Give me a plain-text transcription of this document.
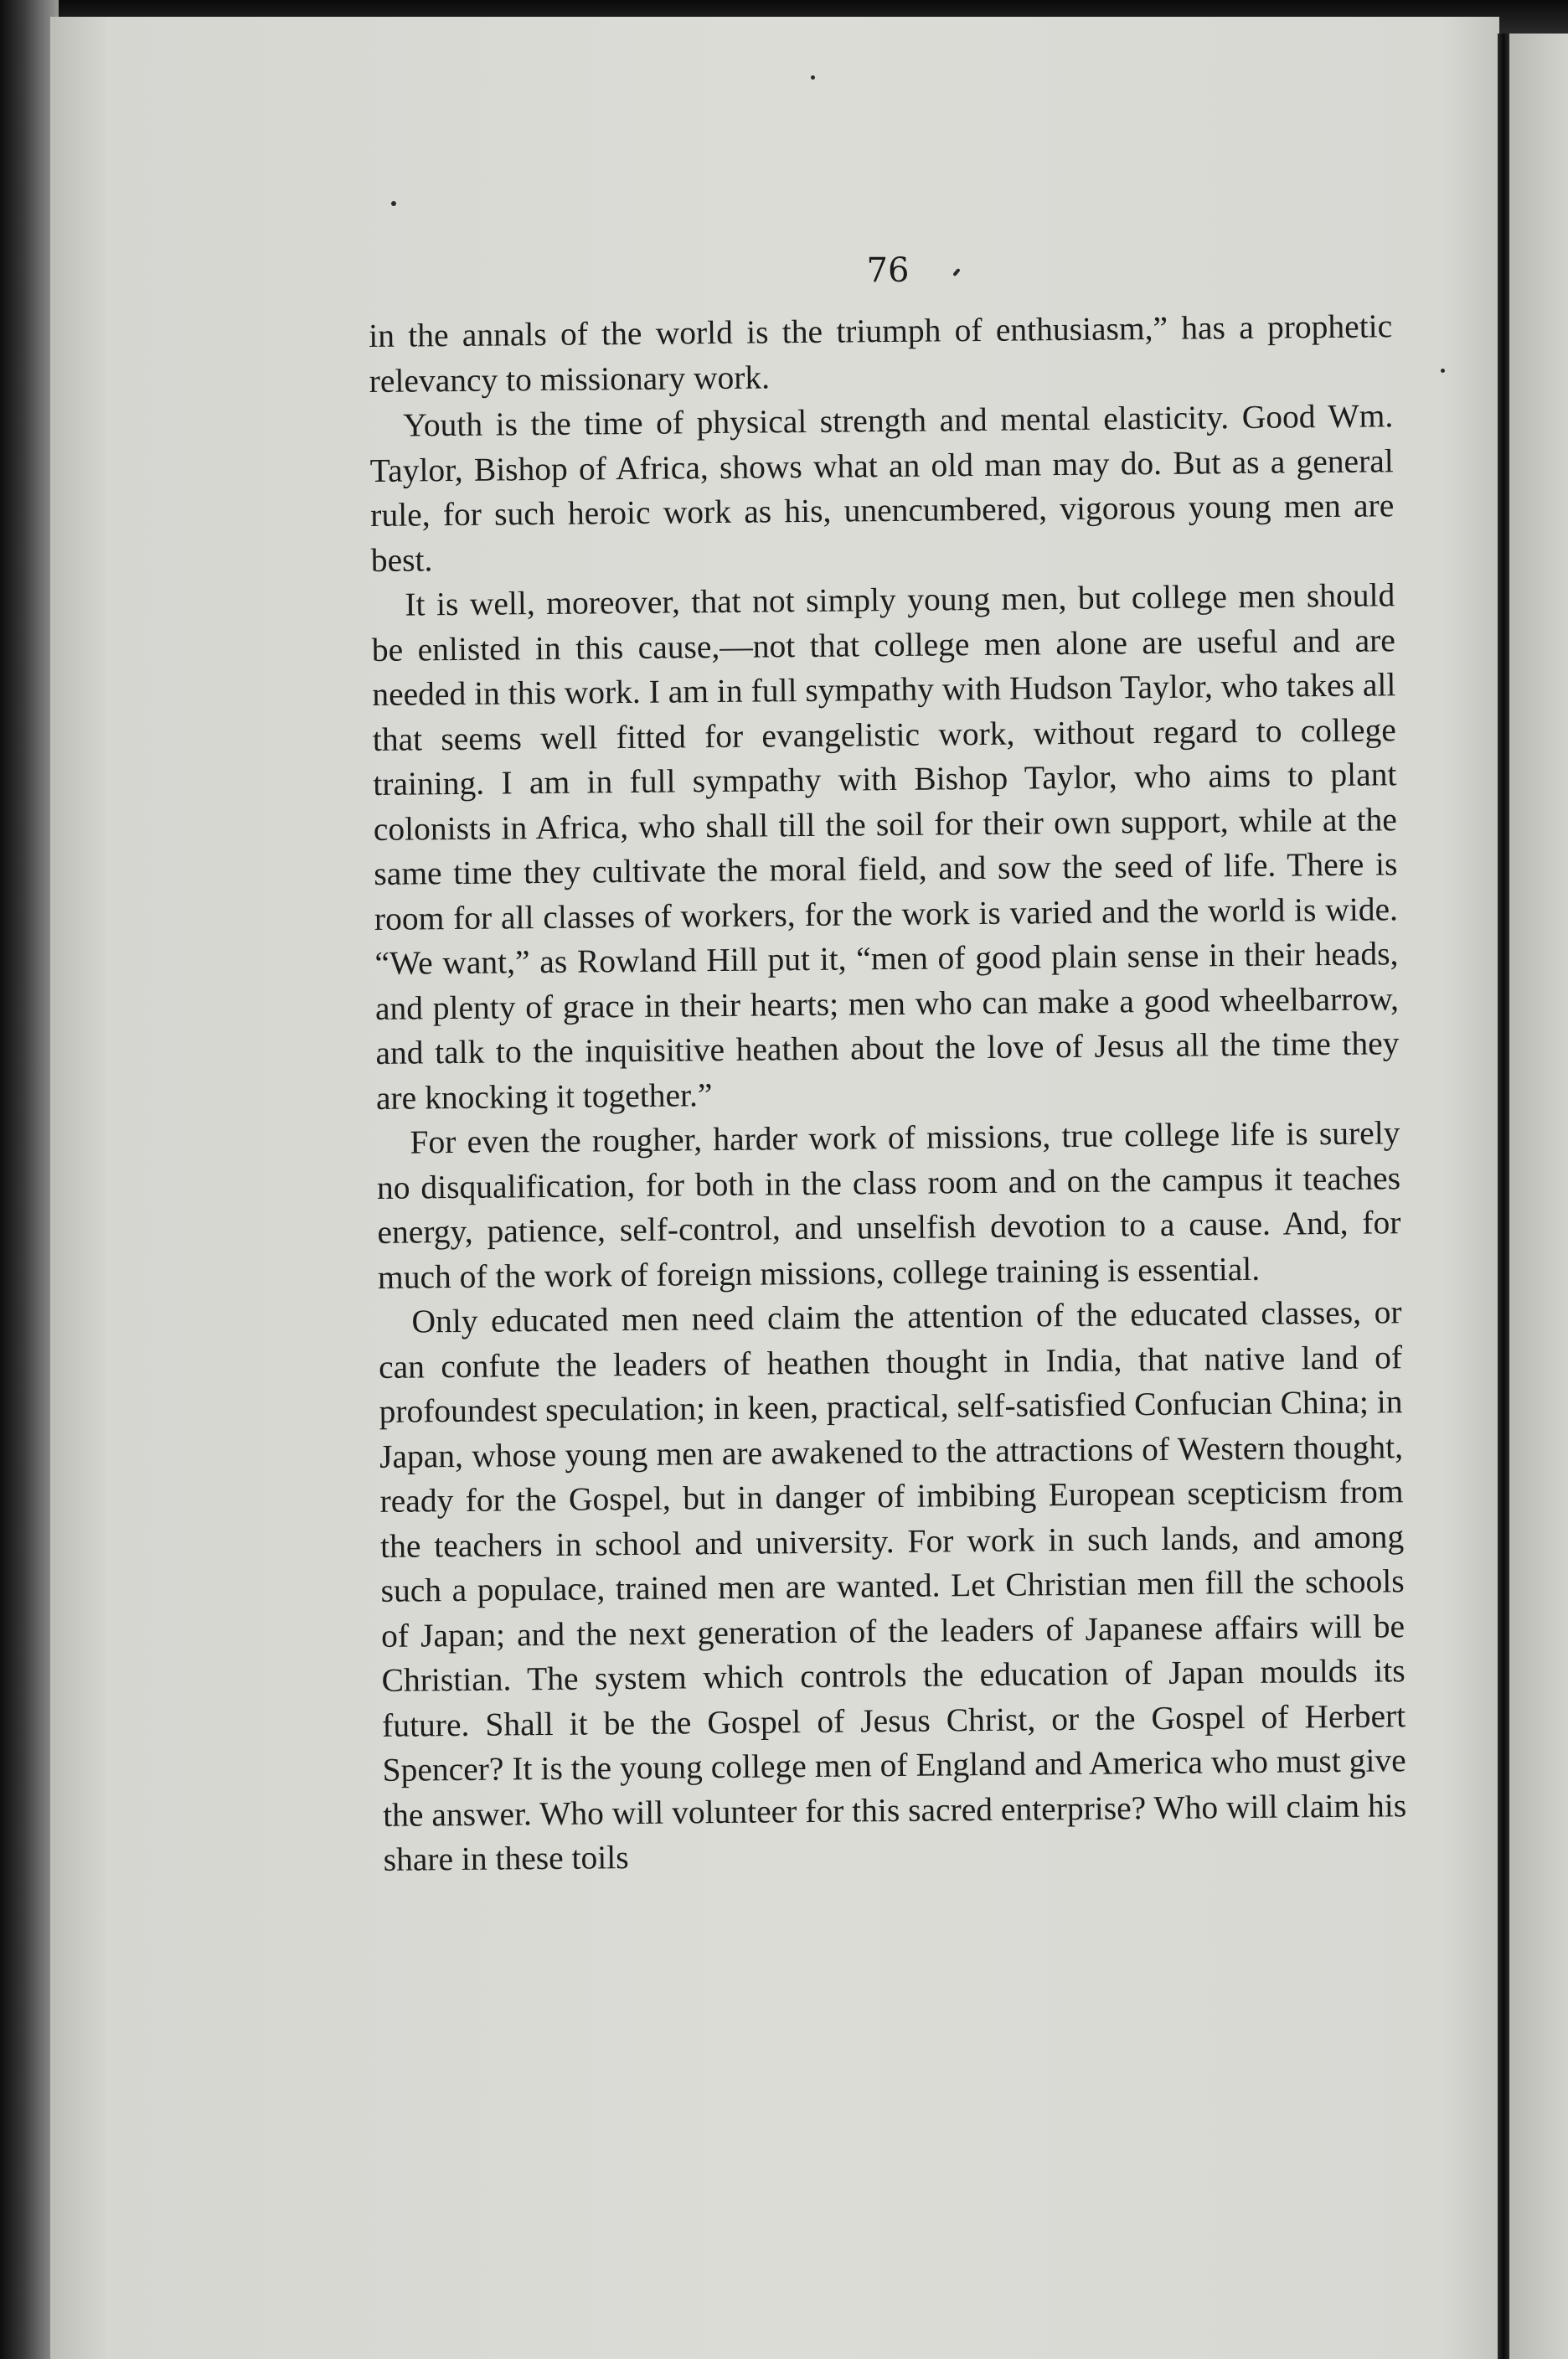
76

in the annals of the world is the triumph of enthusiasm,” has a prophetic relevancy to missionary work.

Youth is the time of physical strength and mental elasticity. Good Wm. Taylor, Bishop of Africa, shows what an old man may do. But as a general rule, for such heroic work as his, unencumbered, vigorous young men are best.

It is well, moreover, that not simply young men, but college men should be enlisted in this cause,—not that college men alone are useful and are needed in this work. I am in full sympathy with Hudson Taylor, who takes all that seems well fitted for evangelistic work, without regard to college training. I am in full sympathy with Bishop Taylor, who aims to plant colonists in Africa, who shall till the soil for their own support, while at the same time they cultivate the moral field, and sow the seed of life. There is room for all classes of workers, for the work is varied and the world is wide. “We want,” as Rowland Hill put it, “men of good plain sense in their heads, and plenty of grace in their hearts; men who can make a good wheelbarrow, and talk to the inquisitive heathen about the love of Jesus all the time they are knocking it together.”

For even the rougher, harder work of missions, true college life is surely no disqualification, for both in the class room and on the campus it teaches energy, patience, self-control, and unselfish devotion to a cause. And, for much of the work of foreign missions, college training is essential.

Only educated men need claim the attention of the educated classes, or can confute the leaders of heathen thought in India, that native land of profoundest speculation; in keen, practical, self-satisfied Confucian China; in Japan, whose young men are awakened to the attractions of Western thought, ready for the Gospel, but in danger of imbibing European scepticism from the teachers in school and university. For work in such lands, and among such a populace, trained men are wanted. Let Christian men fill the schools of Japan; and the next generation of the leaders of Japanese affairs will be Christian. The system which controls the education of Japan moulds its future. Shall it be the Gospel of Jesus Christ, or the Gospel of Herbert Spencer? It is the young college men of England and America who must give the answer. Who will volunteer for this sacred enterprise? Who will claim his share in these toils
